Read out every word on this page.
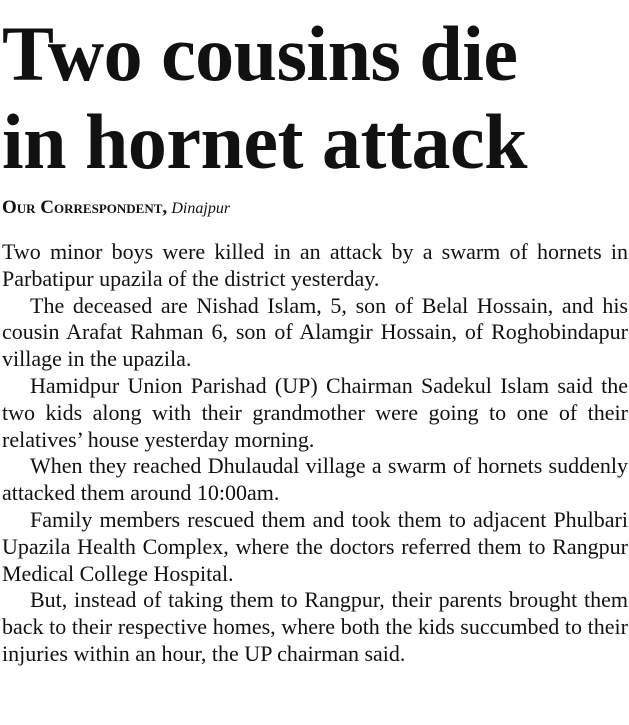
Two cousins die
in hornet attack
Our Correspondent, Dinajpur

Two minor boys were killed in an attack by a swarm of hornets in Parbatipur upazila of the district yesterday.

The deceased are Nishad Islam, 5, son of Belal Hossain, and his cousin Arafat Rahman 6, son of Alamgir Hossain, of Roghobindapur village in the upazila.

Hamidpur Union Parishad (UP) Chairman Sadekul Islam said the two kids along with their grandmother were going to one of their relatives’ house yesterday morning.

When they reached Dhulaudal village a swarm of hornets suddenly attacked them around 10:00am.

Family members rescued them and took them to adjacent Phulbari Upazila Health Complex, where the doctors referred them to Rangpur Medical College Hospital.

But, instead of taking them to Rangpur, their parents brought them back to their respective homes, where both the kids succumbed to their injuries within an hour, the UP chairman said.
